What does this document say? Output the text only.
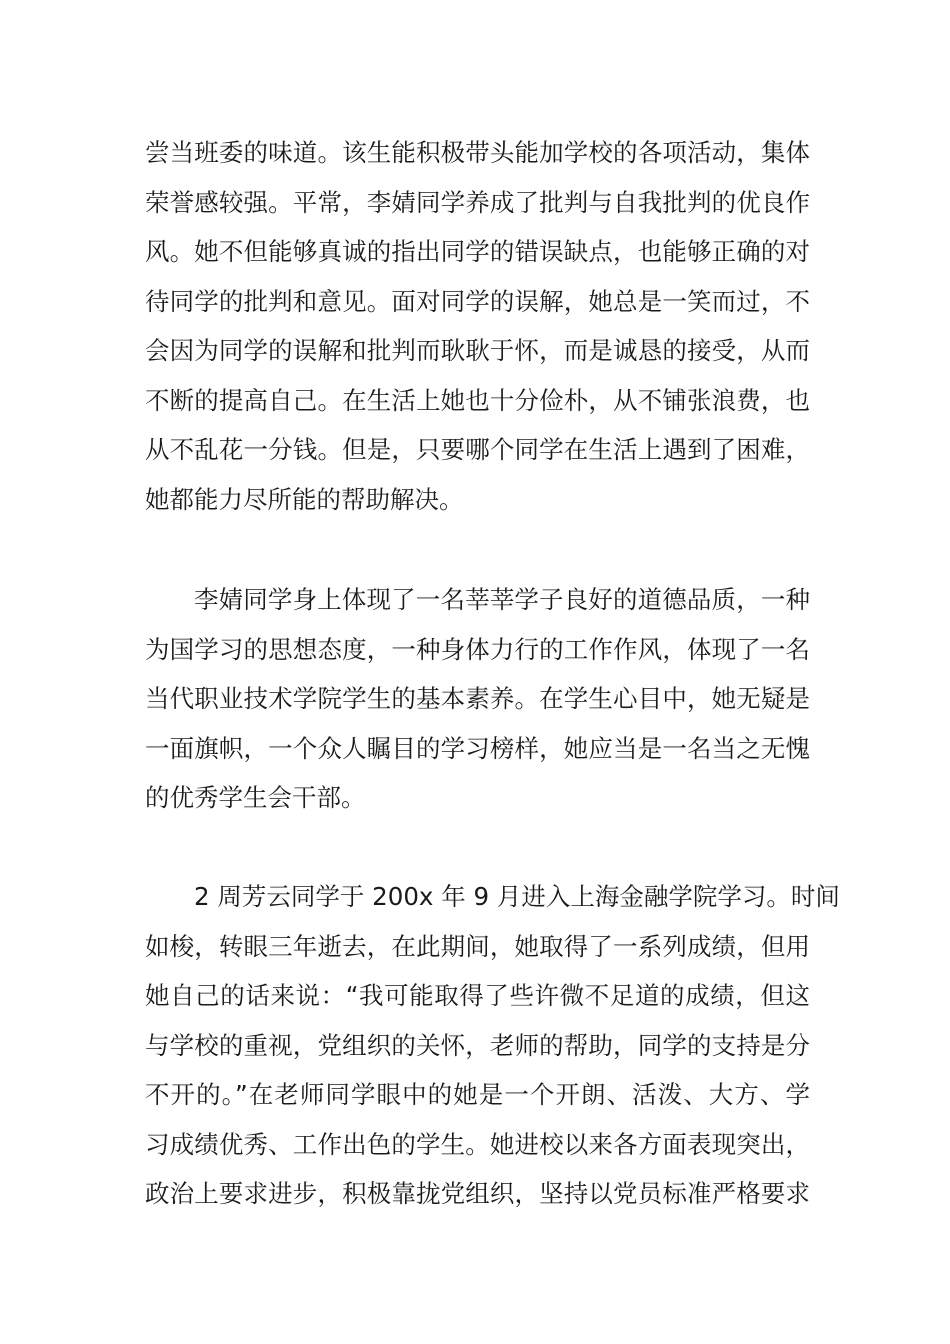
尝当班委的味道。该生能积极带头能加学校的各项活动，集体
荣誉感较强。平常，李婧同学养成了批判与自我批判的优良作
风。她不但能够真诚的指出同学的错误缺点，也能够正确的对
待同学的批判和意见。面对同学的误解，她总是一笑而过，不
会因为同学的误解和批判而耿耿于怀，而是诚恳的接受，从而
不断的提高自己。在生活上她也十分俭朴，从不铺张浪费，也
从不乱花一分钱。但是，只要哪个同学在生活上遇到了困难，
她都能力尽所能的帮助解决。
李婧同学身上体现了一名莘莘学子良好的道德品质，一种
为国学习的思想态度，一种身体力行的工作作风，体现了一名
当代职业技术学院学生的基本素养。在学生心目中，她无疑是
一面旗帜，一个众人瞩目的学习榜样，她应当是一名当之无愧
的优秀学生会干部。
2 周芳云同学于 200x 年 9 月进入上海金融学院学习。时间
如梭，转眼三年逝去，在此期间，她取得了一系列成绩，但用
她自己的话来说：“我可能取得了些许微不足道的成绩，但这
与学校的重视，党组织的关怀，老师的帮助，同学的支持是分
不开的。”在老师同学眼中的她是一个开朗、活泼、大方、学
习成绩优秀、工作出色的学生。她进校以来各方面表现突出，
政治上要求进步，积极靠拢党组织，坚持以党员标准严格要求
